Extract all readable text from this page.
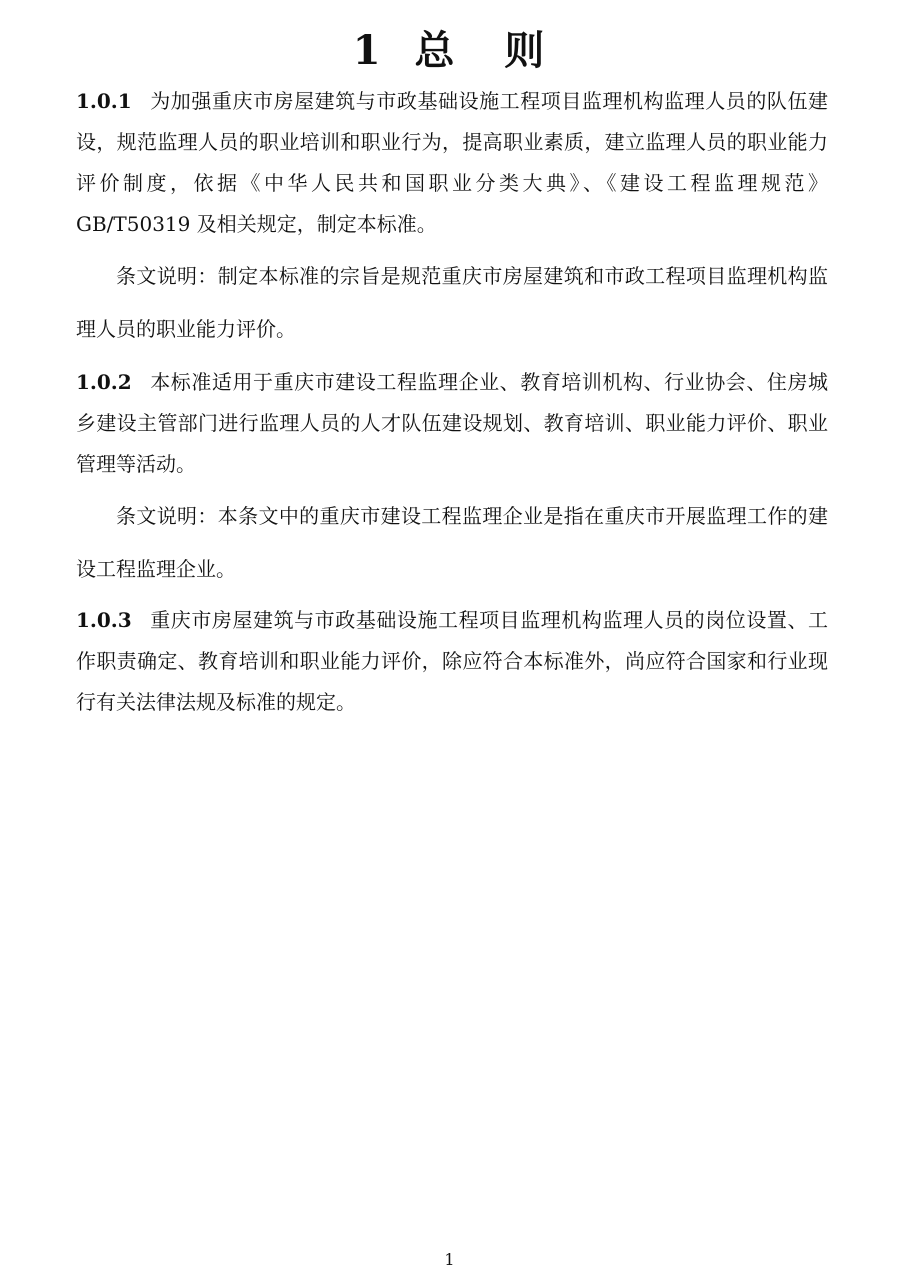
1  总   则
1.0.1 为加强重庆市房屋建筑与市政基础设施工程项目监理机构监理人员的队伍建设，规范监理人员的职业培训和职业行为，提高职业素质，建立监理人员的职业能力评价制度，依据《中华人民共和国职业分类大典》、《建设工程监理规范》GB/T50319 及相关规定，制定本标准。
条文说明：制定本标准的宗旨是规范重庆市房屋建筑和市政工程项目监理机构监理人员的职业能力评价。
1.0.2 本标准适用于重庆市建设工程监理企业、教育培训机构、行业协会、住房城乡建设主管部门进行监理人员的人才队伍建设规划、教育培训、职业能力评价、职业管理等活动。
条文说明：本条文中的重庆市建设工程监理企业是指在重庆市开展监理工作的建设工程监理企业。
1.0.3 重庆市房屋建筑与市政基础设施工程项目监理机构监理人员的岗位设置、工作职责确定、教育培训和职业能力评价，除应符合本标准外，尚应符合国家和行业现行有关法律法规及标准的规定。
1
